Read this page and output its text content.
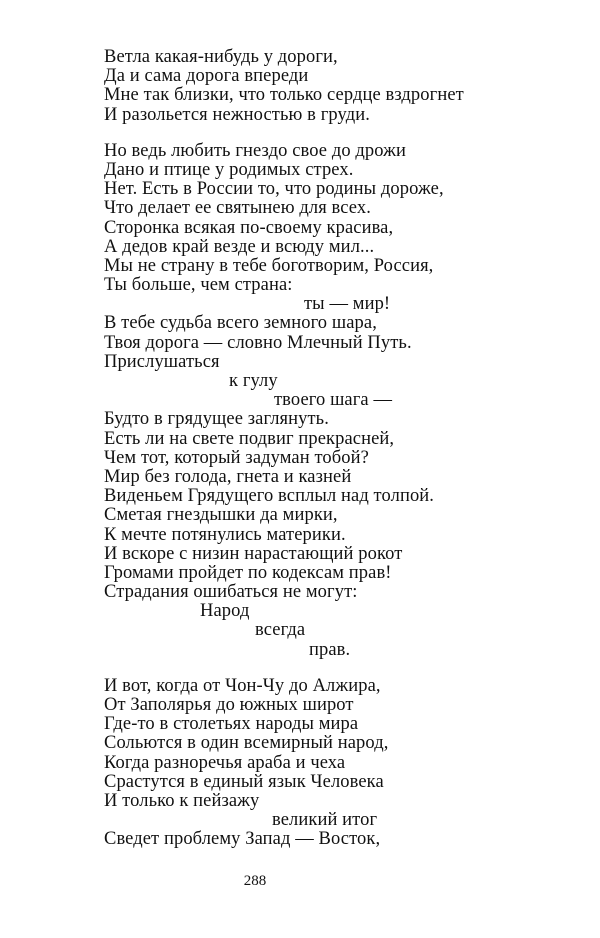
Ветла какая-нибудь у дороги,
Да и сама дорога впереди
Мне так близки, что только сердце вздрогнет
И разольется нежностью в груди.
Но ведь любить гнездо свое до дрожи
Дано и птице у родимых стрех.
Нет. Есть в России то, что родины дороже,
Что делает ее святынею для всех.
Сторонка всякая по-своему красива,
А дедов край везде и всюду мил...
Мы не страну в тебе боготворим, Россия,
Ты больше, чем страна:
ты — мир!
В тебе судьба всего земного шара,
Твоя дорога — словно Млечный Путь.
Прислушаться
к гулу
твоего шага —
Будто в грядущее заглянуть.
Есть ли на свете подвиг прекрасней,
Чем тот, который задуман тобой?
Мир без голода, гнета и казней
Виденьем Грядущего всплыл над толпой.
Сметая гнездышки да мирки,
К мечте потянулись материки.
И вскоре с низин нарастающий рокот
Громами пройдет по кодексам прав!
Страдания ошибаться не могут:
Народ
всегда
прав.
И вот, когда от Чон-Чу до Алжира,
От Заполярья до южных широт
Где-то в столетьях народы мира
Сольются в один всемирный народ,
Когда разноречья араба и чеха
Срастутся в единый язык Человека
И только к пейзажу
великий итог
Сведет проблему Запад — Восток,
288
